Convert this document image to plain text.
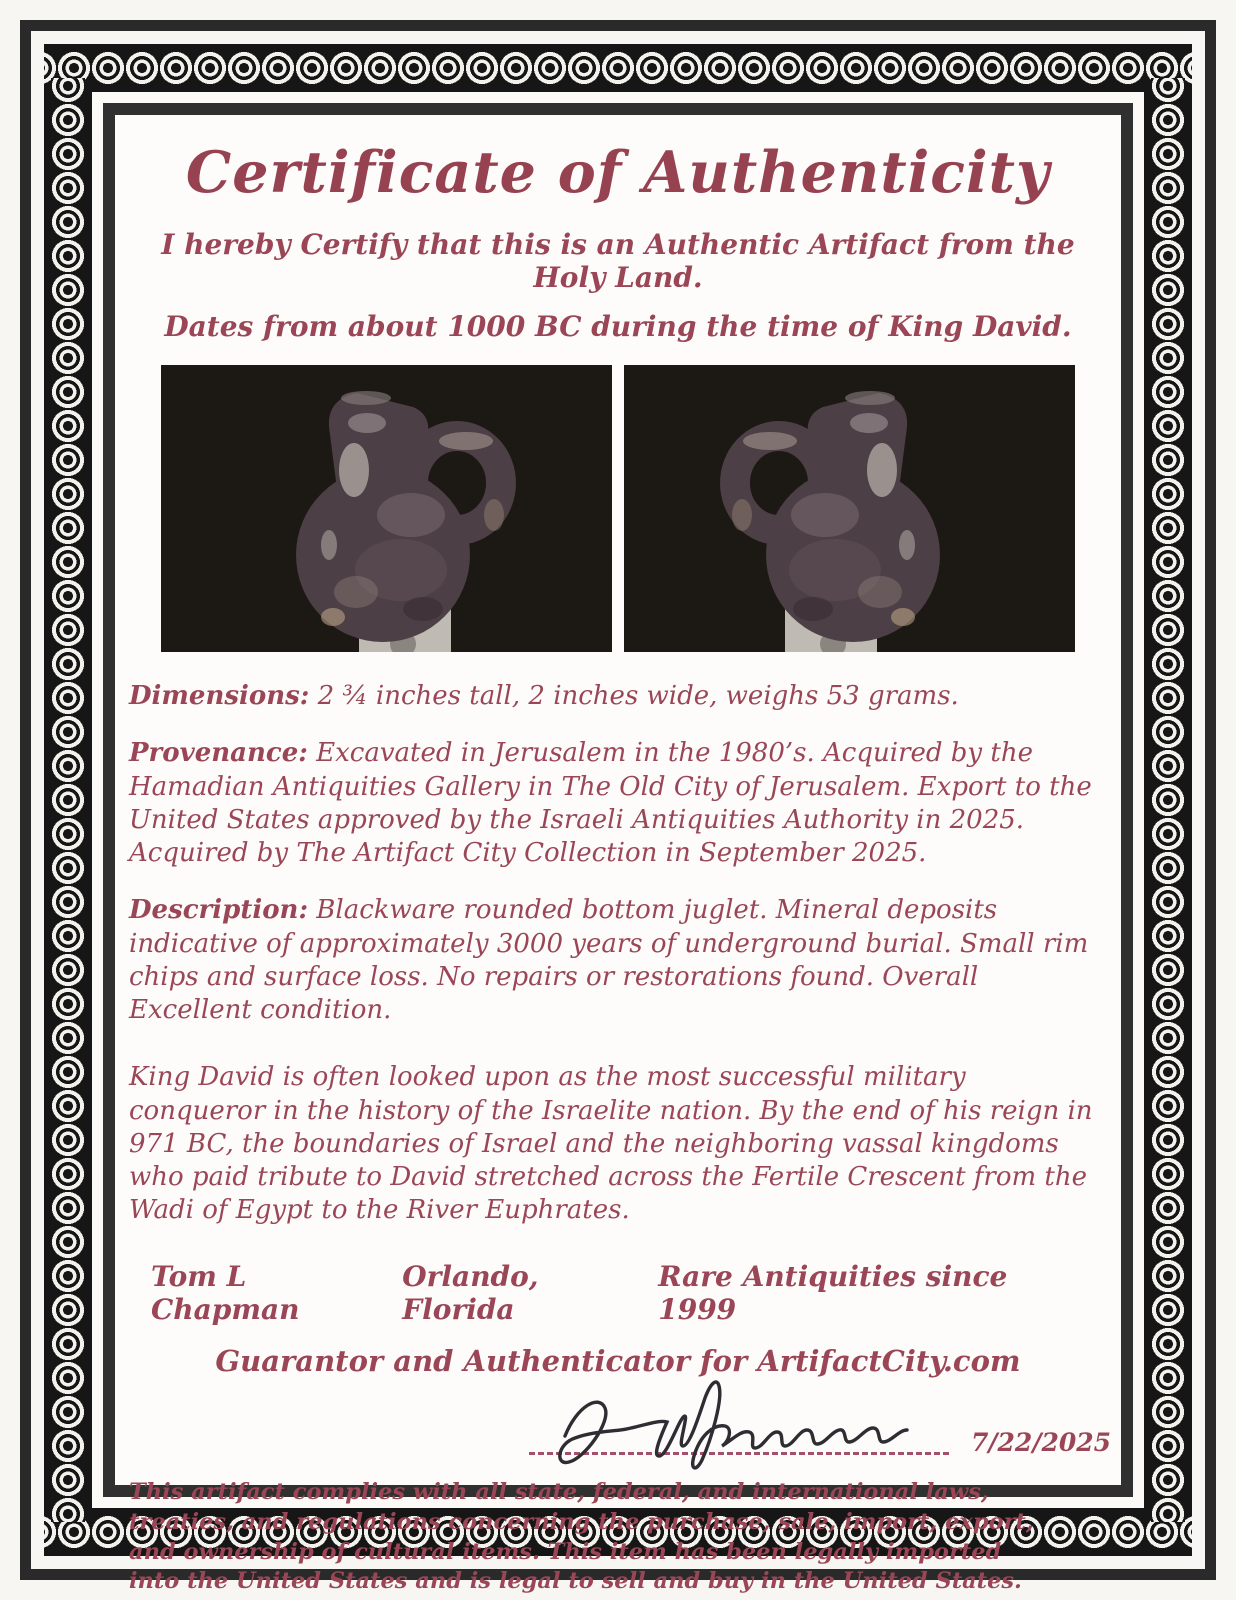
Certificate of Authenticity
I hereby Certify that this is an Authentic Artifact from the Holy Land.
Dates from about 1000 BC during the time of King David.
Dimensions: 2 ¾ inches tall, 2 inches wide, weighs 53 grams.
Provenance: Excavated in Jerusalem in the 1980’s. Acquired by the Hamadian Antiquities Gallery in The Old City of Jerusalem. Export to the United States approved by the Israeli Antiquities Authority in 2025. Acquired by The Artifact City Collection in September 2025.
Description: Blackware rounded bottom juglet. Mineral deposits indicative of approximately 3000 years of underground burial. Small rim chips and surface loss. No repairs or restorations found. Overall Excellent condition.
King David is often looked upon as the most successful military conqueror in the history of the Israelite nation. By the end of his reign in 971 BC, the boundaries of Israel and the neighboring vassal kingdoms who paid tribute to David stretched across the Fertile Crescent from the Wadi of Egypt to the River Euphrates.
Tom L Chapman
Orlando, Florida
Rare Antiquities since 1999
Guarantor and Authenticator for ArtifactCity.com
7/22/2025
This artifact complies with all state, federal, and international laws, treaties, and regulations concerning the purchase, sale, import, export, and ownership of cultural items. This item has been legally imported into the United States and is legal to sell and buy in the United States.
